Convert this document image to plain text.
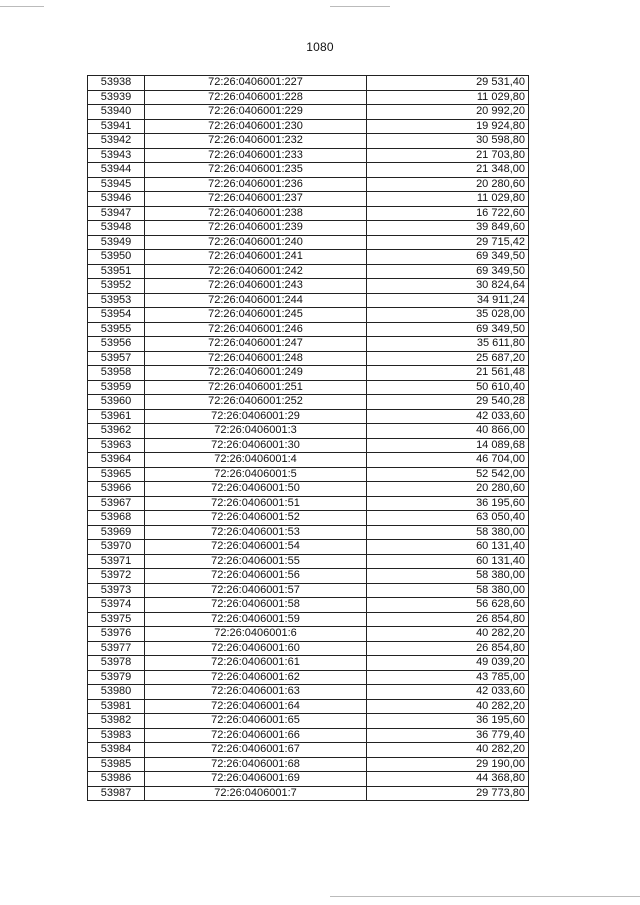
1080
53938	72:26:0406001:227	29 531,40
53939	72:26:0406001:228	11 029,80
53940	72:26:0406001:229	20 992,20
53941	72:26:0406001:230	19 924,80
53942	72:26:0406001:232	30 598,80
53943	72:26:0406001:233	21 703,80
53944	72:26:0406001:235	21 348,00
53945	72:26:0406001:236	20 280,60
53946	72:26:0406001:237	11 029,80
53947	72:26:0406001:238	16 722,60
53948	72:26:0406001:239	39 849,60
53949	72:26:0406001:240	29 715,42
53950	72:26:0406001:241	69 349,50
53951	72:26:0406001:242	69 349,50
53952	72:26:0406001:243	30 824,64
53953	72:26:0406001:244	34 911,24
53954	72:26:0406001:245	35 028,00
53955	72:26:0406001:246	69 349,50
53956	72:26:0406001:247	35 611,80
53957	72:26:0406001:248	25 687,20
53958	72:26:0406001:249	21 561,48
53959	72:26:0406001:251	50 610,40
53960	72:26:0406001:252	29 540,28
53961	72:26:0406001:29	42 033,60
53962	72:26:0406001:3	40 866,00
53963	72:26:0406001:30	14 089,68
53964	72:26:0406001:4	46 704,00
53965	72:26:0406001:5	52 542,00
53966	72:26:0406001:50	20 280,60
53967	72:26:0406001:51	36 195,60
53968	72:26:0406001:52	63 050,40
53969	72:26:0406001:53	58 380,00
53970	72:26:0406001:54	60 131,40
53971	72:26:0406001:55	60 131,40
53972	72:26:0406001:56	58 380,00
53973	72:26:0406001:57	58 380,00
53974	72:26:0406001:58	56 628,60
53975	72:26:0406001:59	26 854,80
53976	72:26:0406001:6	40 282,20
53977	72:26:0406001:60	26 854,80
53978	72:26:0406001:61	49 039,20
53979	72:26:0406001:62	43 785,00
53980	72:26:0406001:63	42 033,60
53981	72:26:0406001:64	40 282,20
53982	72:26:0406001:65	36 195,60
53983	72:26:0406001:66	36 779,40
53984	72:26:0406001:67	40 282,20
53985	72:26:0406001:68	29 190,00
53986	72:26:0406001:69	44 368,80
53987	72:26:0406001:7	29 773,80
